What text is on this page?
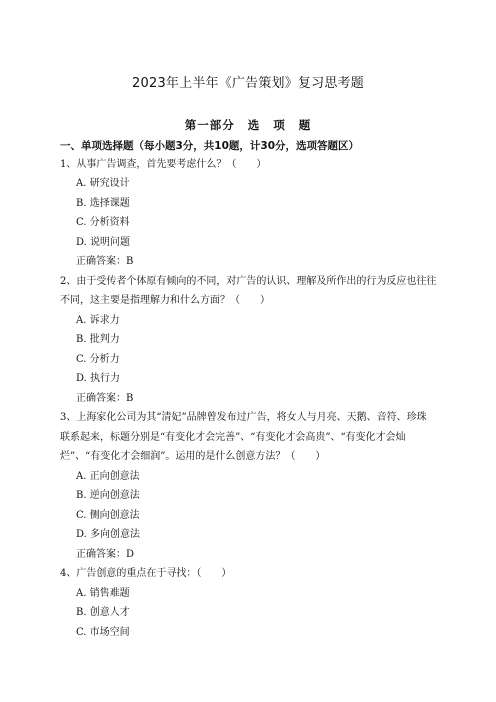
2023年上半年《广告策划》复习思考题
第一部分 选 项 题
一、单项选择题（每小题3分，共10题，计30分，选项答题区）
1、从事广告调查，首先要考虑什么？（　　）
A. 研究设计
B. 选择课题
C. 分析资料
D. 说明问题
正确答案：B
2、由于受传者个体原有倾向的不同，对广告的认识、理解及所作出的行为反应也往往
不同，这主要是指理解力和什么方面？（　　）
A. 诉求力
B. 批判力
C. 分析力
D. 执行力
正确答案：B
3、上海家化公司为其“清妃”品牌曾发布过广告，将女人与月亮、天鹅、音符、珍珠
联系起来，标题分别是“有变化才会完善”、“有变化才会高贵”、“有变化才会灿
烂”、“有变化才会细润”。运用的是什么创意方法？（　　）
A. 正向创意法
B. 逆向创意法
C. 侧向创意法
D. 多向创意法
正确答案：D
4、广告创意的重点在于寻找：（　　）
A. 销售难题
B. 创意人才
C. 市场空间
